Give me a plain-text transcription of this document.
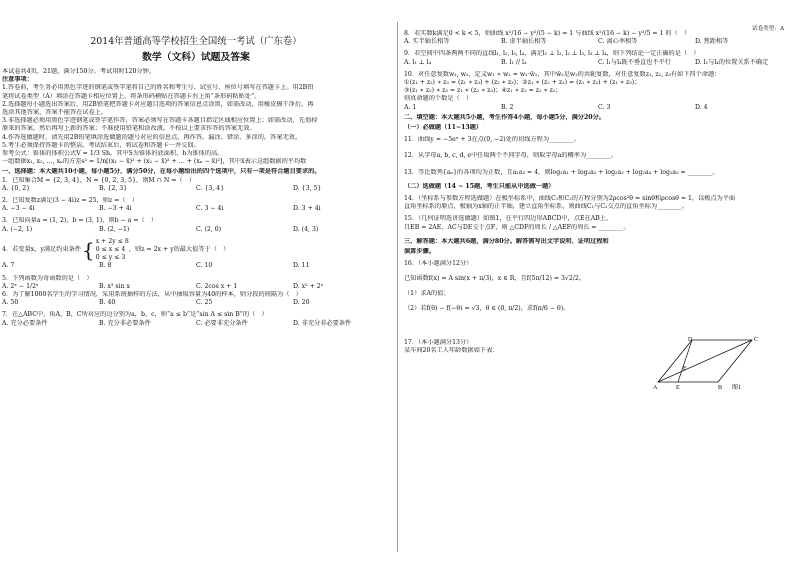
试卷类型：A
2014年普通高等学校招生全国统一考试（广东卷）
数学（文科）试题及答案
本试卷共4页，21题，满分150分。考试用时120分钟。
注意事项：
1.答卷前，考生务必用黑色字迹的钢笔或签字笔将自己的姓名和考生号、试室号、座位号填写在答题卡上。用2B铅
笔将试卷类型（A）填涂在答题卡相应位置上。将条形码横贴在答题卡右上角“条形码粘贴处”。
2.选择题每小题选出答案后，用2B铅笔把答题卡对应题目选项的答案信息点涂黑，如需改动，用橡皮擦干净后，再
选涂其他答案，答案不能答在试卷上。
3.非选择题必须用黑色字迹钢笔或签字笔作答，答案必须写在答题卡各题目指定区域相应位置上；如需改动，先划掉
原来的答案，然后再写上新的答案；不准使用铅笔和涂改液。不按以上要求作答的答案无效。
4.作答选做题时，请先用2B铅笔填涂选做题的题号对应的信息点，再作答。漏涂、错涂、多涂的，答案无效。
5.考生必须保持答题卡的整洁。考试结束后，将试卷和答题卡一并交回。
参考公式：锥体的体积公式V = 1/3 Sh，其中S为锥体的底面积，h为锥体的高。
一组数据x₁, x₂, …, xₙ的方差s² = 1/n[(x₁ − x̄)² + (x₂ − x̄)² + … + (xₙ − x̄)²]，其中x̄表示这组数据的平均数
一、选择题：本大题共10小题，每小题5分，满分50分，在每小题给出的四个选项中，只有一项是符合题目要求的。
1．已知集合M = {2, 3, 4}，N = {0, 2, 3, 5}，则M ∩ N =（　）
A. {0, 2}	B. {2, 3}	C. {3, 4}	D. {3, 5}
2．已知复数z满足(3 − 4i)z = 25，则z =（　）
A. −3 − 4i	B. −3 + 4i	C. 3 − 4i	D. 3 + 4i
3．已知向量a = (1, 2)，b = (3, 1)，则b − a =（　）
A. (−2, 1)	B. (2, −1)	C. (2, 0)	D. (4, 3)
4．若变量x，y满足约束条件 { x + 2y ≤ 8
0 ≤ x ≤ 4
0 ≤ y ≤ 3
，则z = 2x + y的最大值等于（　）
A. 7	B. 8	C. 10	D. 11
5．下列函数为奇函数的是（　）
A. 2ˣ − 1/2ˣ	B. x³ sin x	C. 2cos x + 1	D. x² + 2ˣ
6．为了解1000名学生的学习情况，采用系统抽样的方法，从中抽取容量为40的样本，则分段的间隔为（　）
A. 50	B. 40	C. 25	D. 20
7．在△ABC中，角A，B，C所对应的边分别为a，b，c，则“a ≤ b”是“sin A ≤ sin B”的（　）
A. 充分必要条件	B. 充分非必要条件	C. 必要非充分条件	D. 非充分非必要条件
8．若实数k满足0 < k < 5，则曲线 x²/16 − y²/(5 − k) = 1 与曲线 x²/(16 − k) − y²/5 = 1 的（　）
A. 实半轴长相等	B. 虚半轴长相等	C. 离心率相等	D. 焦距相等
9．若空间中四条两两不同的直线l₁, l₂, l₃, l₄，满足l₁ ⊥ l₂, l₂ ⊥ l₃, l₃ ⊥ l₄，则下列结论一定正确的是（　）
A. l₁ ⊥ l₄	B. l₁ // l₄	C. l₁与l₄既不垂直也不平行	D. l₁与l₄的位置关系不确定
10．对任意复数w₁, w₂，定义w₁ ∗ w₂ = w₁·w̄₂，其中w̄₂是w₂的共轭复数，对任意复数z₁, z₂, z₃有如下四个命题：
①(z₁ + z₂) ∗ z₃ = (z₁ ∗ z₃) + (z₂ ∗ z₃)；②z₁ ∗ (z₂ + z₃) = (z₁ ∗ z₂) + (z₁ ∗ z₃)；
③(z₁ ∗ z₂) ∗ z₃ = z₁ ∗ (z₂ ∗ z₃)；④z₁ ∗ z₂ = z₂ ∗ z₁；
则真命题的个数是（　）
A. 1	B. 2	C. 3	D. 4
二、填空题：本大题共5小题，考生作答4小题，每小题5分，满分20分。
（一）必做题（11~13题）
11．曲线y = −5eˣ + 3在点(0, −2)处的切线方程为________。
12．从字母a, b, c, d, e中任取两个不同字母，则取字母a的概率为________。
13．等比数列{aₙ}的各项均为正数，且a₁a₅ = 4，则log₂a₁ + log₂a₂ + log₂a₃ + log₂a₄ + log₂a₅ = ________。
（二）选做题（14 ~ 15题，考生只能从中选做一题）
14．（坐标系与参数方程选做题）在极坐标系中，曲线C₁和C₂的方程分别为2ρcos²θ = sinθ和ρcosθ = 1，以极点为平面
直角坐标系的原点，极轴为x轴的正半轴，建立直角坐标系，则曲线C₁与C₂交点的直角坐标为________。
15．（几何证明选讲选做题）如图1，在平行四边形ABCD中，点E在AB上，
且EB = 2AE，AC与DE交于点F，则 △CDF的周长 / △AEF的周长 = ________。
三、解答题：本大题共6题，满分80分。解答需写出文字说明、证明过程和
演算步骤。
16．（本小题满分12分）
已知函数f(x) = A sin(x + π/3)，x ∈ R，且f(5π/12) = 3√2/2。
（1）求A的值；
（2）若f(θ) − f(−θ) = √3，θ ∈ (0, π/2)，求f(π/6 − θ)。
17．（本小题满分13分）
某车间20名工人年龄数据如下表：
D	C
F
A	E	B 图1
